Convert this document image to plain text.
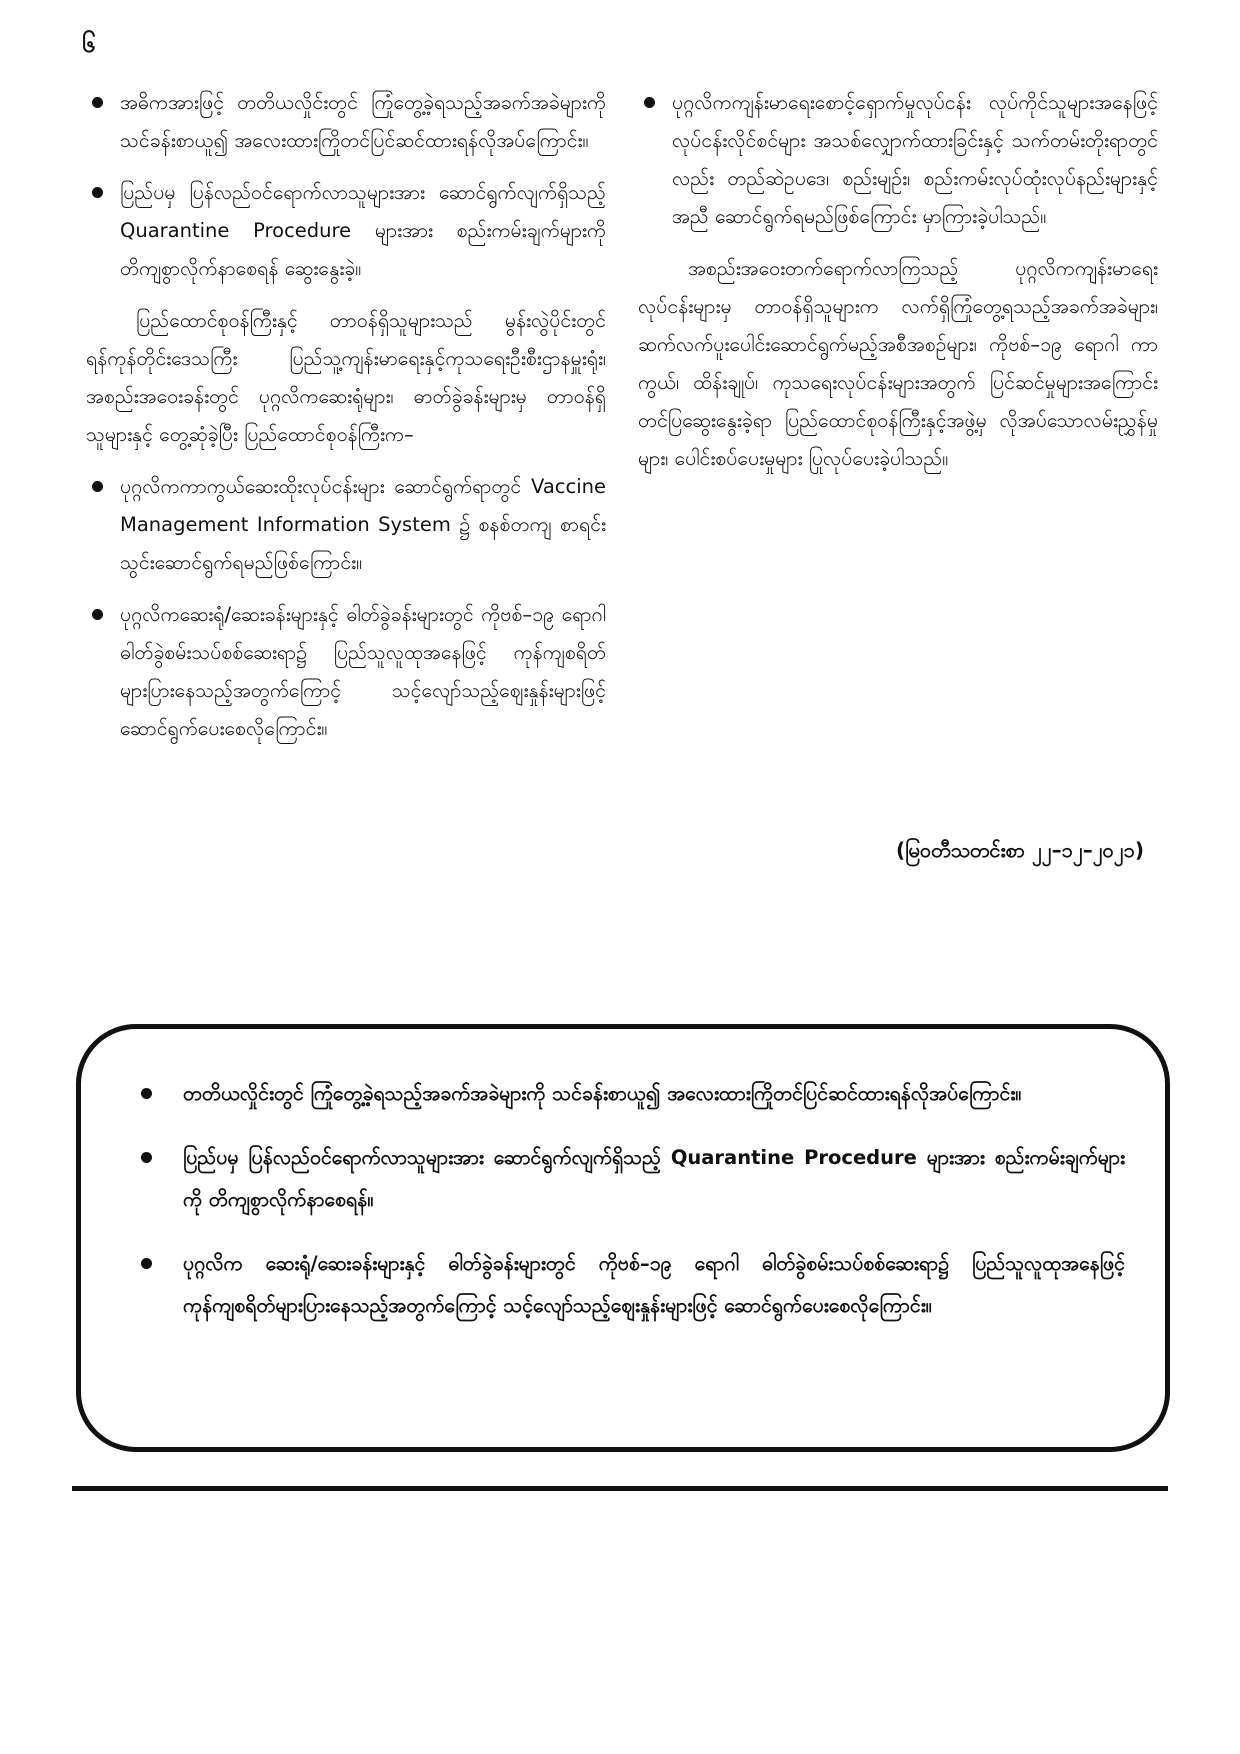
၆
အဓိကအားဖြင့် တတိယလှိုင်းတွင် ကြုံတွေ့ခဲ့ရသည့်အခက်အခဲများကို သင်ခန်းစာယူ၍ အလေးထားကြိုတင်ပြင်ဆင်ထားရန်လိုအပ်ကြောင်း။
ပြည်ပမှ ပြန်လည်ဝင်ရောက်လာသူများအား ဆောင်ရွက်လျက်ရှိသည့် Quarantine Procedure များအား စည်းကမ်းချက်များကို တိကျစွာလိုက်နာစေရန် ဆွေးနွေးခဲ့။

ပြည်ထောင်စုဝန်ကြီးနှင့် တာဝန်ရှိသူများသည် မွန်းလွဲပိုင်းတွင် ရန်ကုန်တိုင်းဒေသကြီး ပြည်သူ့ကျန်းမာရေးနှင့်ကုသရေးဦးစီးဌာနမှူးရုံး၊ အစည်းအဝေးခန်းတွင် ပုဂ္ဂလိကဆေးရုံများ၊ ဓာတ်ခွဲခန်းများမှ တာဝန်ရှိသူများနှင့် တွေ့ဆုံခဲ့ပြီး ပြည်ထောင်စုဝန်ကြီးက–

ပုဂ္ဂလိကကာကွယ်ဆေးထိုးလုပ်ငန်းများ ဆောင်ရွက်ရာတွင် Vaccine Management Information System ၌ စနစ်တကျ စာရင်းသွင်းဆောင်ရွက်ရမည်ဖြစ်ကြောင်း။
ပုဂ္ဂလိကဆေးရုံ/ဆေးခန်းများနှင့် ဓါတ်ခွဲခန်းများတွင် ကိုဗစ်–၁၉ ရောဂါ ဓါတ်ခွဲစမ်းသပ်စစ်ဆေးရာ၌ ပြည်သူလူထုအနေဖြင့် ကုန်ကျစရိတ်များပြားနေသည့်အတွက်ကြောင့် သင့်လျော်သည့်ဈေးနှုန်းများဖြင့် ဆောင်ရွက်ပေးစေလိုကြောင်း။
ပုဂ္ဂလိကကျန်းမာရေးစောင့်ရှောက်မှုလုပ်ငန်း လုပ်ကိုင်သူများအနေဖြင့် လုပ်ငန်းလိုင်စင်များ အသစ်လျှောက်ထားခြင်းနှင့် သက်တမ်းတိုးရာတွင်လည်း တည်ဆဲဥပဒေ၊ စည်းမျဉ်း၊ စည်းကမ်းလုပ်ထုံးလုပ်နည်းများနှင့်အညီ ဆောင်ရွက်ရမည်ဖြစ်ကြောင်း မှာကြားခဲ့ပါသည်။

အစည်းအဝေးတက်ရောက်လာကြသည့် ပုဂ္ဂလိကကျန်းမာရေးလုပ်ငန်းများမှ တာဝန်ရှိသူများက လက်ရှိကြုံတွေ့ရသည့်အခက်အခဲများ၊ ဆက်လက်ပူးပေါင်းဆောင်ရွက်မည့်အစီအစဉ်များ၊ ကိုဗစ်–၁၉ ရောဂါ ကာကွယ်၊ ထိန်းချုပ်၊ ကုသရေးလုပ်ငန်းများအတွက် ပြင်ဆင်မှုများအကြောင်း တင်ပြဆွေးနွေးခဲ့ရာ ပြည်ထောင်စုဝန်ကြီးနှင့်အဖွဲ့မှ လိုအပ်သောလမ်းညွှန်မှုများ၊ ပေါင်းစပ်ပေးမှုများ ပြုလုပ်ပေးခဲ့ပါသည်။

(မြဝတီသတင်းစာ ၂၂–၁၂–၂၀၂၁)
တတိယလှိုင်းတွင် ကြုံတွေ့ခဲ့ရသည့်အခက်အခဲများကို သင်ခန်းစာယူ၍ အလေးထားကြိုတင်ပြင်ဆင်ထားရန်လိုအပ်ကြောင်း။
ပြည်ပမှ ပြန်လည်ဝင်ရောက်လာသူများအား ဆောင်ရွက်လျက်ရှိသည့် Quarantine Procedure များအား စည်းကမ်းချက်များကို တိကျစွာလိုက်နာစေရန်။
ပုဂ္ဂလိက ဆေးရုံ/ဆေးခန်းများနှင့် ဓါတ်ခွဲခန်းများတွင် ကိုဗစ်–၁၉ ရောဂါ ဓါတ်ခွဲစမ်းသပ်စစ်ဆေးရာ၌ ပြည်သူလူထုအနေဖြင့် ကုန်ကျစရိတ်များပြားနေသည့်အတွက်ကြောင့် သင့်လျော်သည့်ဈေးနှုန်းများဖြင့် ဆောင်ရွက်ပေးစေလိုကြောင်း။
